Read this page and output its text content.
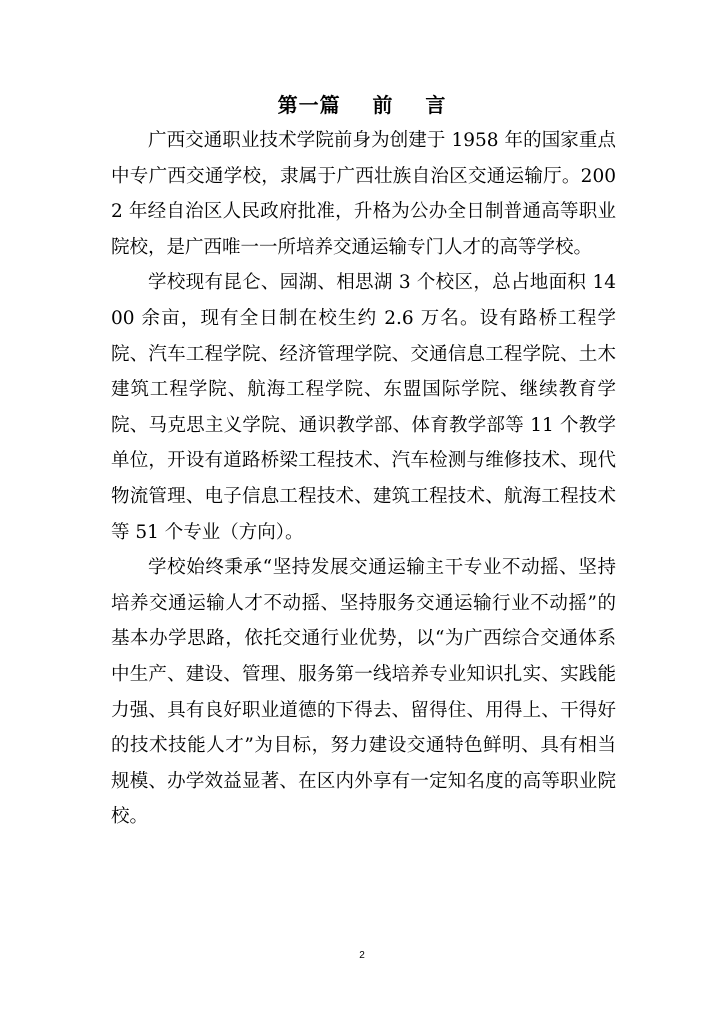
第一篇    前    言

广西交通职业技术学院前身为创建于 1958 年的国家重点中专广西交通学校，隶属于广西壮族自治区交通运输厅。2002 年经自治区人民政府批准，升格为公办全日制普通高等职业院校，是广西唯一一所培养交通运输专门人才的高等学校。

学校现有昆仑、园湖、相思湖 3 个校区，总占地面积 1400 余亩，现有全日制在校生约 2.6 万名。设有路桥工程学院、汽车工程学院、经济管理学院、交通信息工程学院、土木建筑工程学院、航海工程学院、东盟国际学院、继续教育学院、马克思主义学院、通识教学部、体育教学部等 11 个教学单位，开设有道路桥梁工程技术、汽车检测与维修技术、现代物流管理、电子信息工程技术、建筑工程技术、航海工程技术等 51 个专业（方向）。

学校始终秉承“坚持发展交通运输主干专业不动摇、坚持培养交通运输人才不动摇、坚持服务交通运输行业不动摇”的基本办学思路，依托交通行业优势，以“为广西综合交通体系中生产、建设、管理、服务第一线培养专业知识扎实、实践能力强、具有良好职业道德的下得去、留得住、用得上、干得好的技术技能人才”为目标，努力建设交通特色鲜明、具有相当规模、办学效益显著、在区内外享有一定知名度的高等职业院校。

2
